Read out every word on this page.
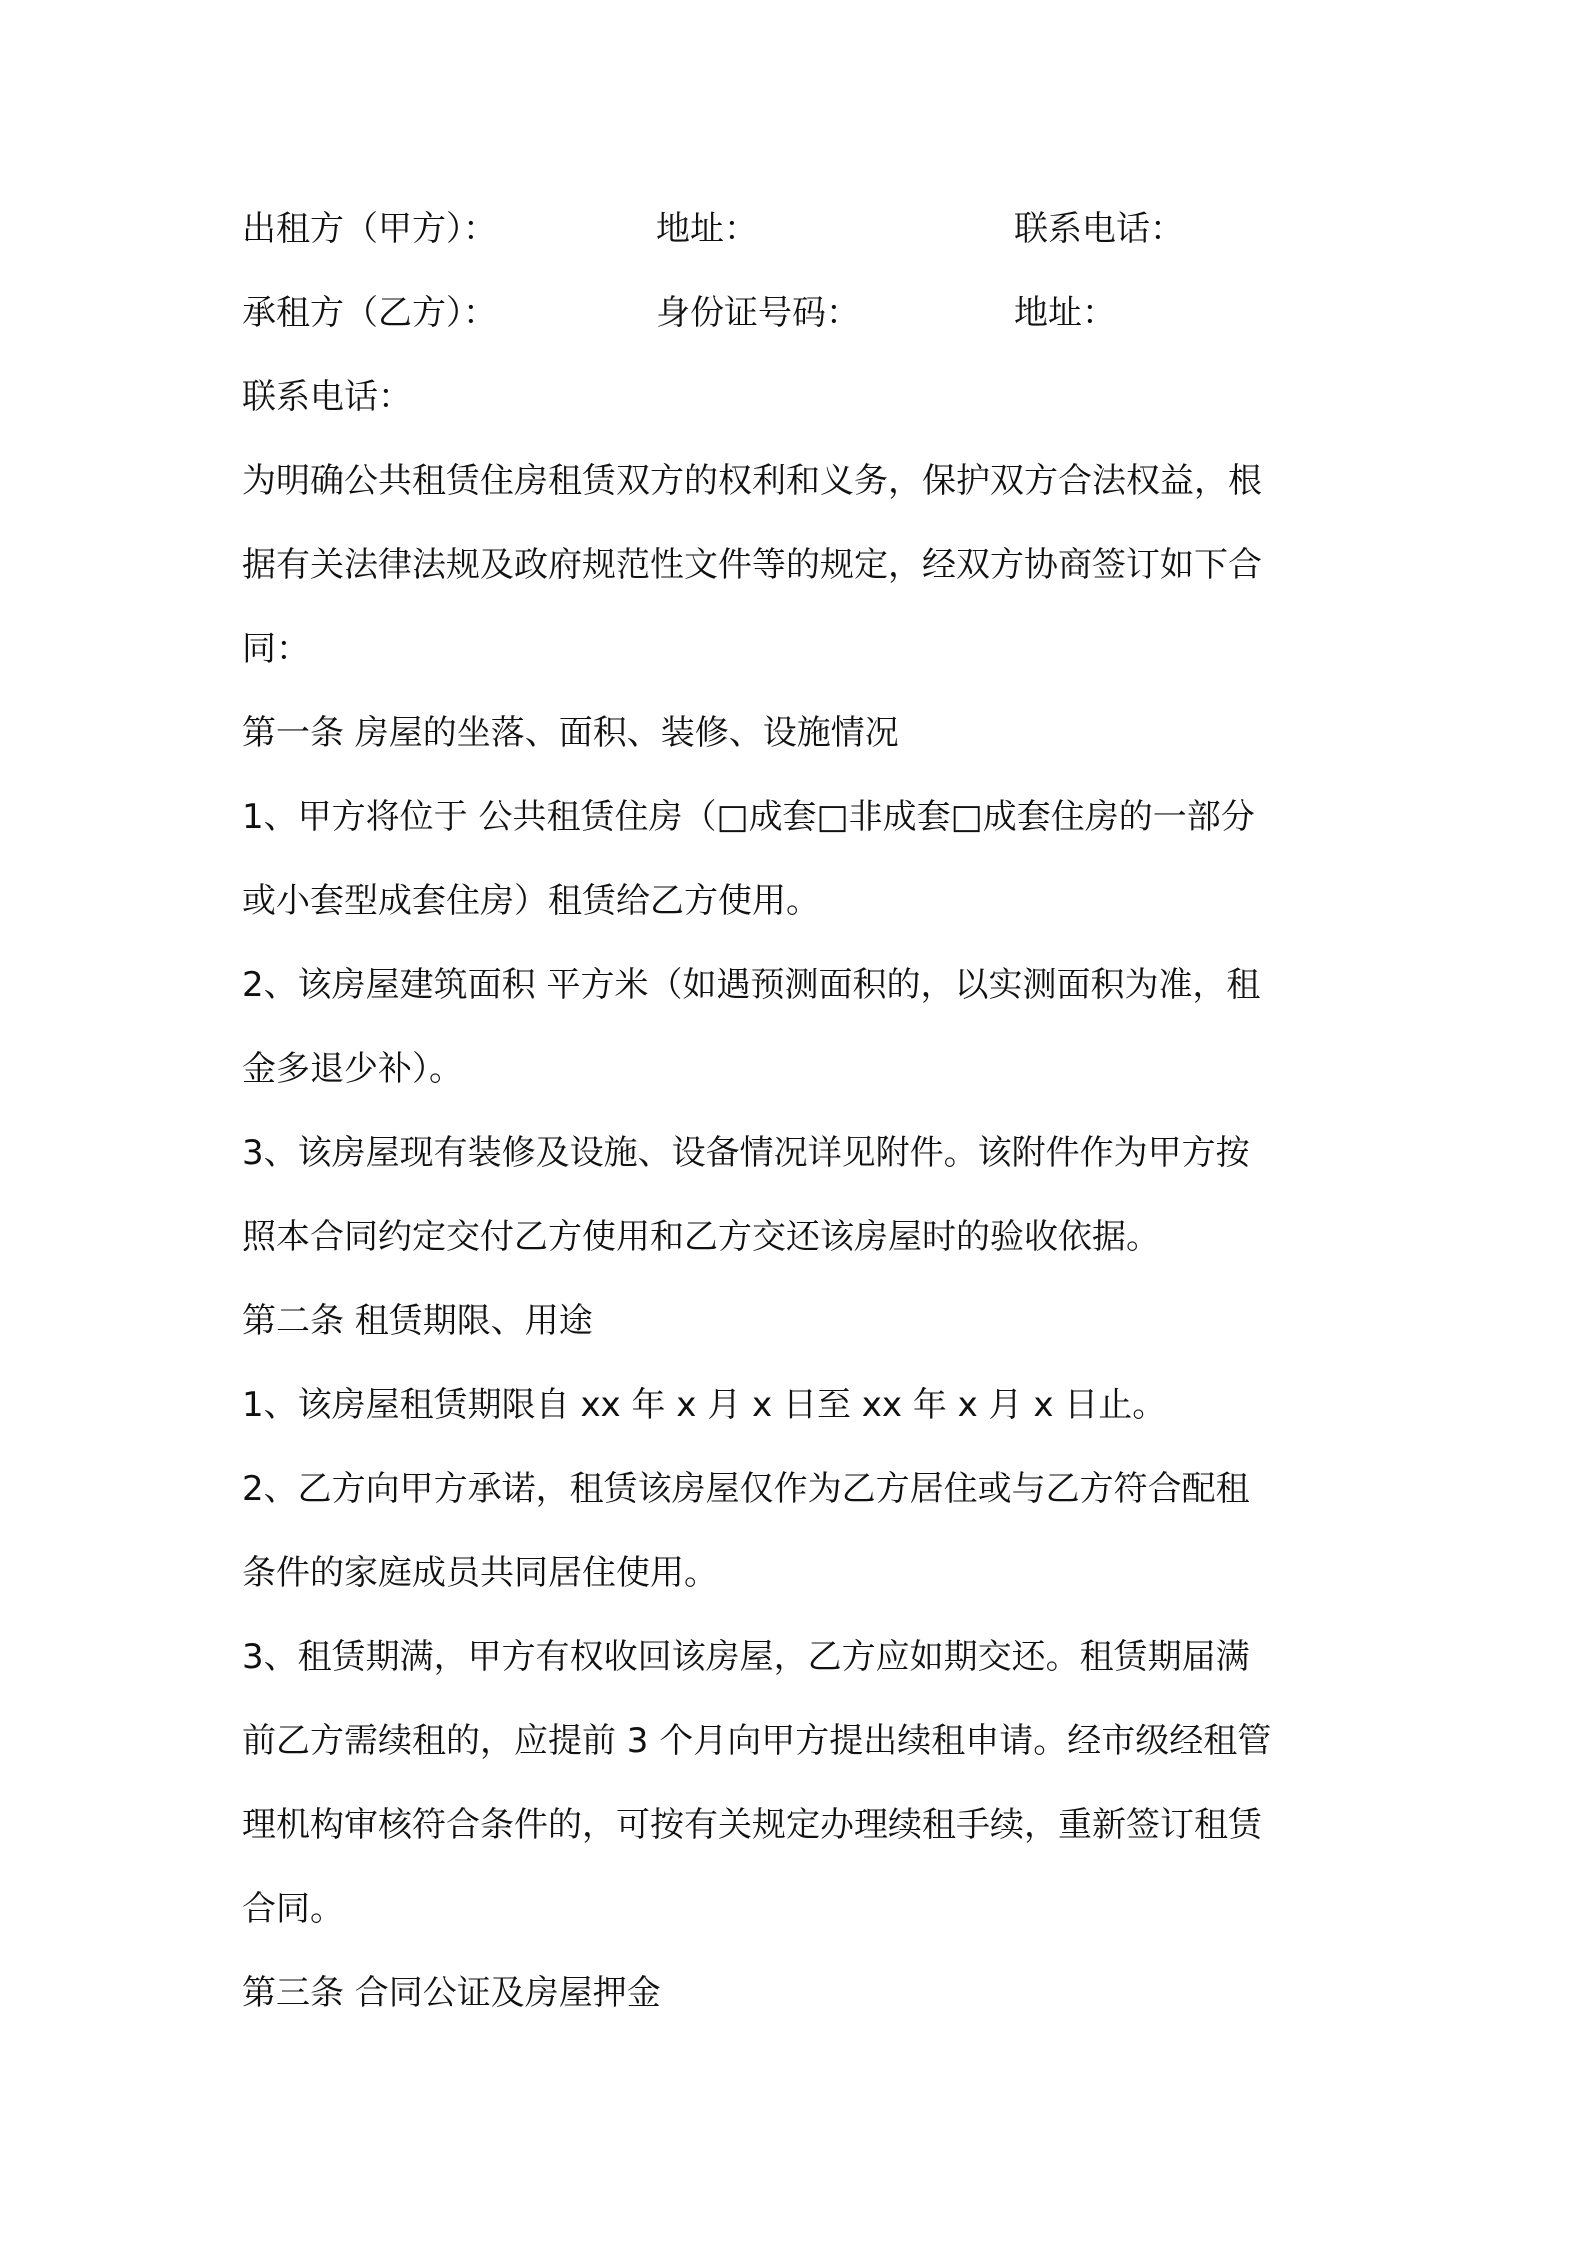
出租方（甲方）：	地址：	联系电话：
承租方（乙方）：	身份证号码：	地址：
联系电话：
为明确公共租赁住房租赁双方的权利和义务，保护双方合法权益，根
据有关法律法规及政府规范性文件等的规定，经双方协商签订如下合
同：
第一条 房屋的坐落、面积、装修、设施情况
1、甲方将位于 公共租赁住房（□成套□非成套□成套住房的一部分
或小套型成套住房）租赁给乙方使用。
2、该房屋建筑面积 平方米（如遇预测面积的，以实测面积为准，租
金多退少补）。
3、该房屋现有装修及设施、设备情况详见附件。该附件作为甲方按
照本合同约定交付乙方使用和乙方交还该房屋时的验收依据。
第二条 租赁期限、用途
1、该房屋租赁期限自 xx 年 x 月 x 日至 xx 年 x 月 x 日止。
2、乙方向甲方承诺，租赁该房屋仅作为乙方居住或与乙方符合配租
条件的家庭成员共同居住使用。
3、租赁期满，甲方有权收回该房屋，乙方应如期交还。租赁期届满
前乙方需续租的，应提前 3 个月向甲方提出续租申请。经市级经租管
理机构审核符合条件的，可按有关规定办理续租手续，重新签订租赁
合同。
第三条 合同公证及房屋押金
